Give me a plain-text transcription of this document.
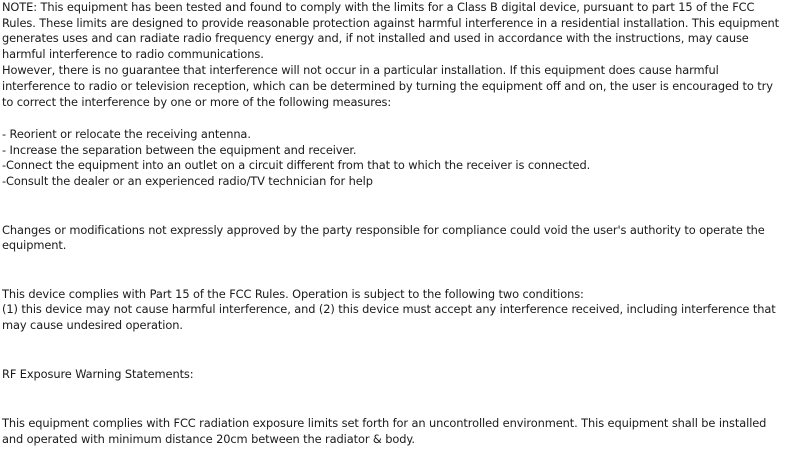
NOTE: This equipment has been tested and found to comply with the limits for a Class B digital device, pursuant to part 15 of the FCC Rules. These limits are designed to provide reasonable protection against harmful interference in a residential installation. This equipment generates uses and can radiate radio frequency energy and, if not installed and used in accordance with the instructions, may cause harmful interference to radio communications.

However, there is no guarantee that interference will not occur in a particular installation. If this equipment does cause harmful interference to radio or television reception, which can be determined by turning the equipment off and on, the user is encouraged to try to correct the interference by one or more of the following measures:

- Reorient or relocate the receiving antenna.
- Increase the separation between the equipment and receiver.
-Connect the equipment into an outlet on a circuit different from that to which the receiver is connected.
-Consult the dealer or an experienced radio/TV technician for help

Changes or modifications not expressly approved by the party responsible for compliance could void the user's authority to operate the equipment.

This device complies with Part 15 of the FCC Rules. Operation is subject to the following two conditions:

(1) this device may not cause harmful interference, and (2) this device must accept any interference received, including interference that may cause undesired operation.

RF Exposure Warning Statements:

This equipment complies with FCC radiation exposure limits set forth for an uncontrolled environment. This equipment shall be installed and operated with minimum distance 20cm between the radiator & body.
